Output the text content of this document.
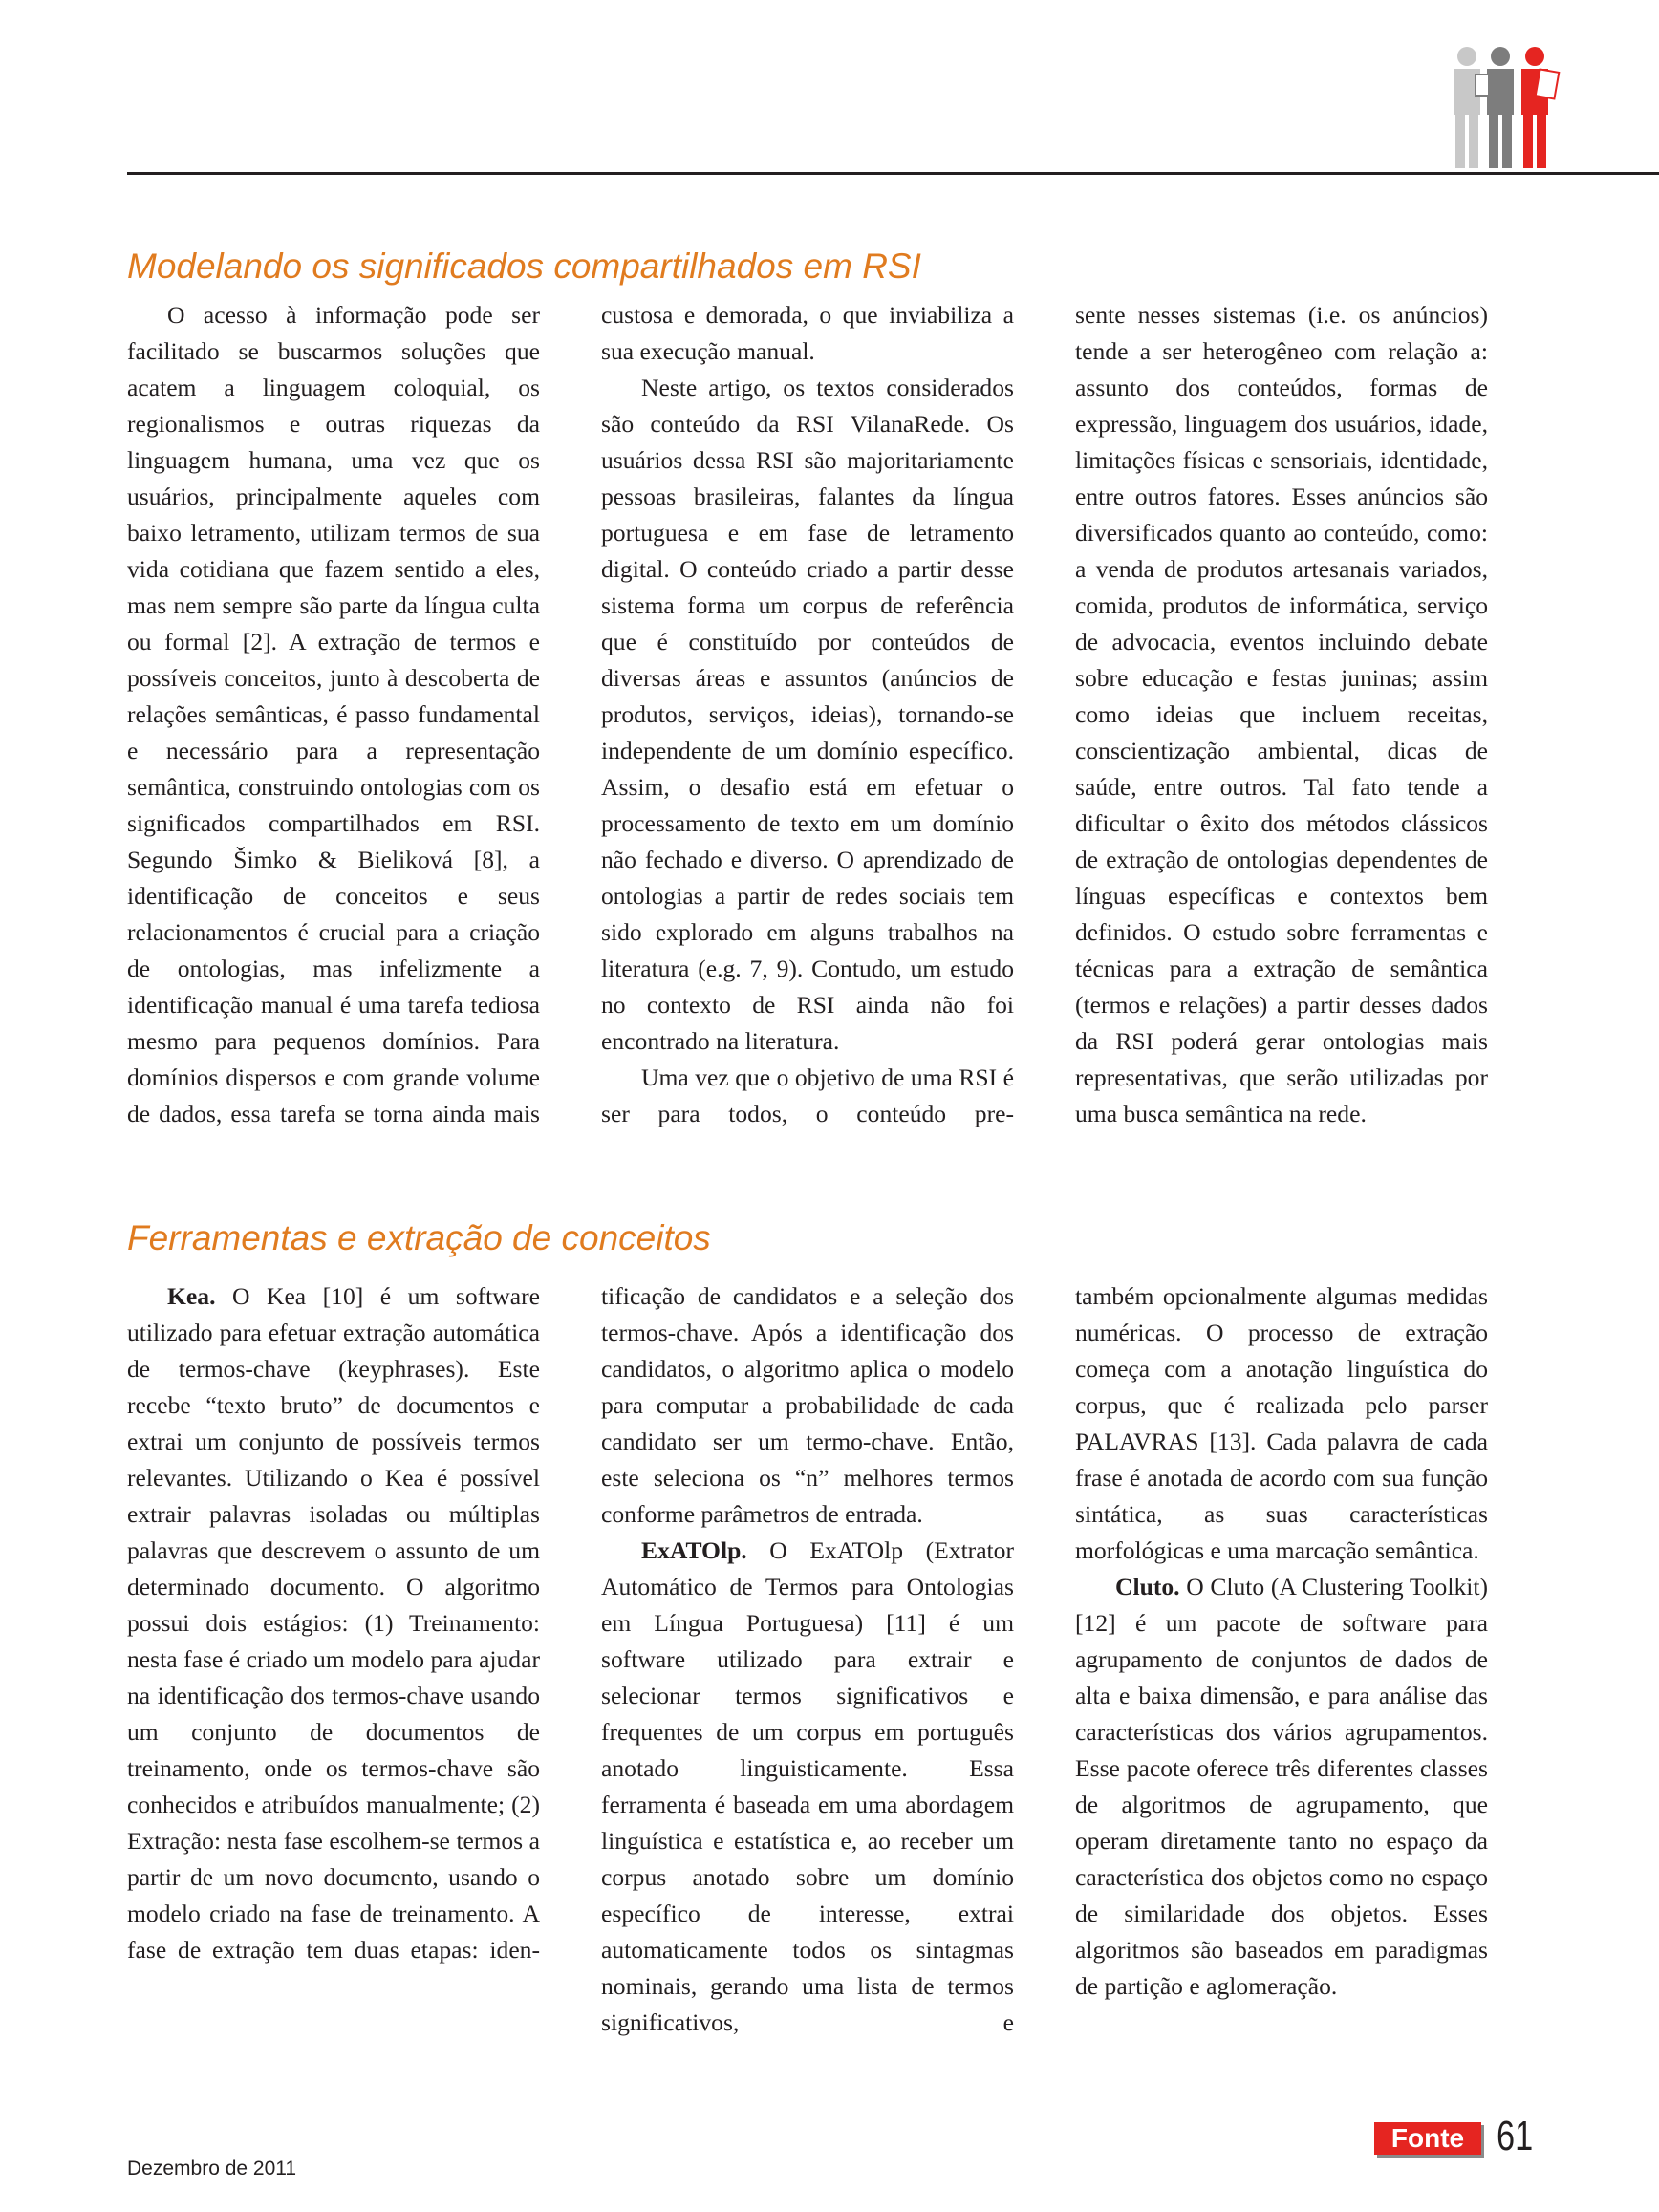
Modelando os significados compartilhados em RSI

O acesso à informação pode ser facilitado se buscarmos soluções que acatem a linguagem coloquial, os regionalismos e outras riquezas da linguagem humana, uma vez que os usuários, principalmente aqueles com baixo letramento, utilizam termos de sua vida cotidiana que fazem sentido a eles, mas nem sempre são parte da língua culta ou formal [2]. A extração de termos e possíveis conceitos, junto à descoberta de relações semânticas, é passo fundamental e necessário para a representação semântica, construindo ontologias com os significados compartilhados em RSI. Segundo Šimko & Bieliková [8], a identificação de conceitos e seus relacionamentos é crucial para a criação de ontologias, mas infelizmente a identificação manual é uma tarefa tediosa mesmo para pequenos domínios. Para domínios dispersos e com grande volume de dados, essa tarefa se torna ainda mais

custosa e demorada, o que inviabiliza a sua execução manual.

Neste artigo, os textos considerados são conteúdo da RSI VilanaRede. Os usuários dessa RSI são majoritariamente pessoas brasileiras, falantes da língua portuguesa e em fase de letramento digital. O conteúdo criado a partir desse sistema forma um corpus de referência que é constituído por conteúdos de diversas áreas e assuntos (anúncios de produtos, serviços, ideias), tornando-se independente de um domínio específico. Assim, o desafio está em efetuar o processamento de texto em um domínio não fechado e diverso. O aprendizado de ontologias a partir de redes sociais tem sido explorado em alguns trabalhos na literatura (e.g. 7, 9). Contudo, um estudo no contexto de RSI ainda não foi encontrado na literatura.

Uma vez que o objetivo de uma RSI é ser para todos, o conteúdo pre-

sente nesses sistemas (i.e. os anúncios) tende a ser heterogêneo com relação a: assunto dos conteúdos, formas de expressão, linguagem dos usuários, idade, limitações físicas e sensoriais, identidade, entre outros fatores. Esses anúncios são diversificados quanto ao conteúdo, como: a venda de produtos artesanais variados, comida, produtos de informática, serviço de advocacia, eventos incluindo debate sobre educação e festas juninas; assim como ideias que incluem receitas, conscientização ambiental, dicas de saúde, entre outros. Tal fato tende a dificultar o êxito dos métodos clássicos de extração de ontologias dependentes de línguas específicas e contextos bem definidos. O estudo sobre ferramentas e técnicas para a extração de semântica (termos e relações) a partir desses dados da RSI poderá gerar ontologias mais representativas, que serão utilizadas por uma busca semântica na rede.

Ferramentas e extração de conceitos

Kea. O Kea [10] é um software utilizado para efetuar extração automática de termos-chave (keyphrases). Este recebe “texto bruto” de documentos e extrai um conjunto de possíveis termos relevantes. Utilizando o Kea é possível extrair palavras isoladas ou múltiplas palavras que descrevem o assunto de um determinado documento. O algoritmo possui dois estágios: (1) Treinamento: nesta fase é criado um modelo para ajudar na identificação dos termos-chave usando um conjunto de documentos de treinamento, onde os termos-chave são conhecidos e atribuídos manualmente; (2) Extração: nesta fase escolhem-se termos a partir de um novo documento, usando o modelo criado na fase de treinamento. A fase de extração tem duas etapas: iden-

tificação de candidatos e a seleção dos termos-chave. Após a identificação dos candidatos, o algoritmo aplica o modelo para computar a probabilidade de cada candidato ser um termo-chave. Então, este seleciona os “n” melhores termos conforme parâmetros de entrada.

ExATOlp. O ExATOlp (Extrator Automático de Termos para Ontologias em Língua Portuguesa) [11] é um software utilizado para extrair e selecionar termos significativos e frequentes de um corpus em português anotado linguisticamente. Essa ferramenta é baseada em uma abordagem linguística e estatística e, ao receber um corpus anotado sobre um domínio específico de interesse, extrai automaticamente todos os sintagmas nominais, gerando uma lista de termos significativos, e

também opcionalmente algumas medidas numéricas. O processo de extração começa com a anotação linguística do corpus, que é realizada pelo parser PALAVRAS [13]. Cada palavra de cada frase é anotada de acordo com sua função sintática, as suas características morfológicas e uma marcação semântica.

Cluto. O Cluto (A Clustering Toolkit) [12] é um pacote de software para agrupamento de conjuntos de dados de alta e baixa dimensão, e para análise das características dos vários agrupamentos. Esse pacote oferece três diferentes classes de algoritmos de agrupamento, que operam diretamente tanto no espaço da característica dos objetos como no espaço de similaridade dos objetos. Esses algoritmos são baseados em paradigmas de partição e aglomeração.

Dezembro de 2011
Fonte 61
